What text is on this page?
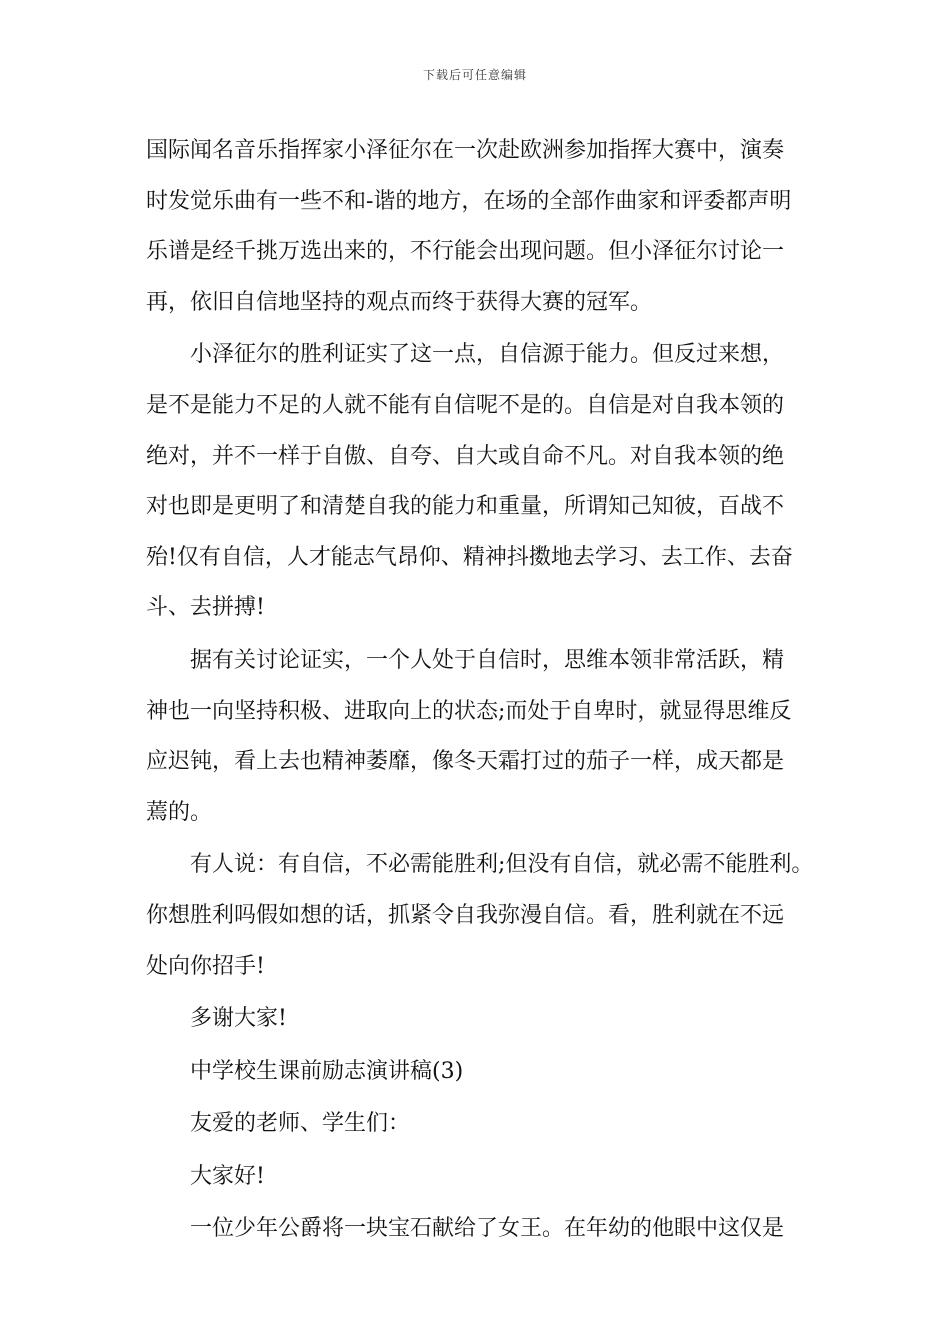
下载后可任意编辑
国际闻名音乐指挥家小泽征尔在一次赴欧洲参加指挥大赛中，演奏
时发觉乐曲有一些不和-谐的地方，在场的全部作曲家和评委都声明
乐谱是经千挑万选出来的，不行能会出现问题。但小泽征尔讨论一
再，依旧自信地坚持的观点而终于获得大赛的冠军。
小泽征尔的胜利证实了这一点，自信源于能力。但反过来想，
是不是能力不足的人就不能有自信呢不是的。自信是对自我本领的
绝对，并不一样于自傲、自夸、自大或自命不凡。对自我本领的绝
对也即是更明了和清楚自我的能力和重量，所谓知己知彼，百战不
殆!仅有自信，人才能志气昂仰、精神抖擞地去学习、去工作、去奋
斗、去拼搏!
据有关讨论证实，一个人处于自信时，思维本领非常活跃，精
神也一向坚持积极、进取向上的状态;而处于自卑时，就显得思维反
应迟钝，看上去也精神萎靡，像冬天霜打过的茄子一样，成天都是
蔫的。
有人说：有自信，不必需能胜利;但没有自信，就必需不能胜利。
你想胜利吗假如想的话，抓紧令自我弥漫自信。看，胜利就在不远
处向你招手!
多谢大家!
中学校生课前励志演讲稿(3)
友爱的老师、学生们：
大家好!
一位少年公爵将一块宝石献给了女王。在年幼的他眼中这仅是
